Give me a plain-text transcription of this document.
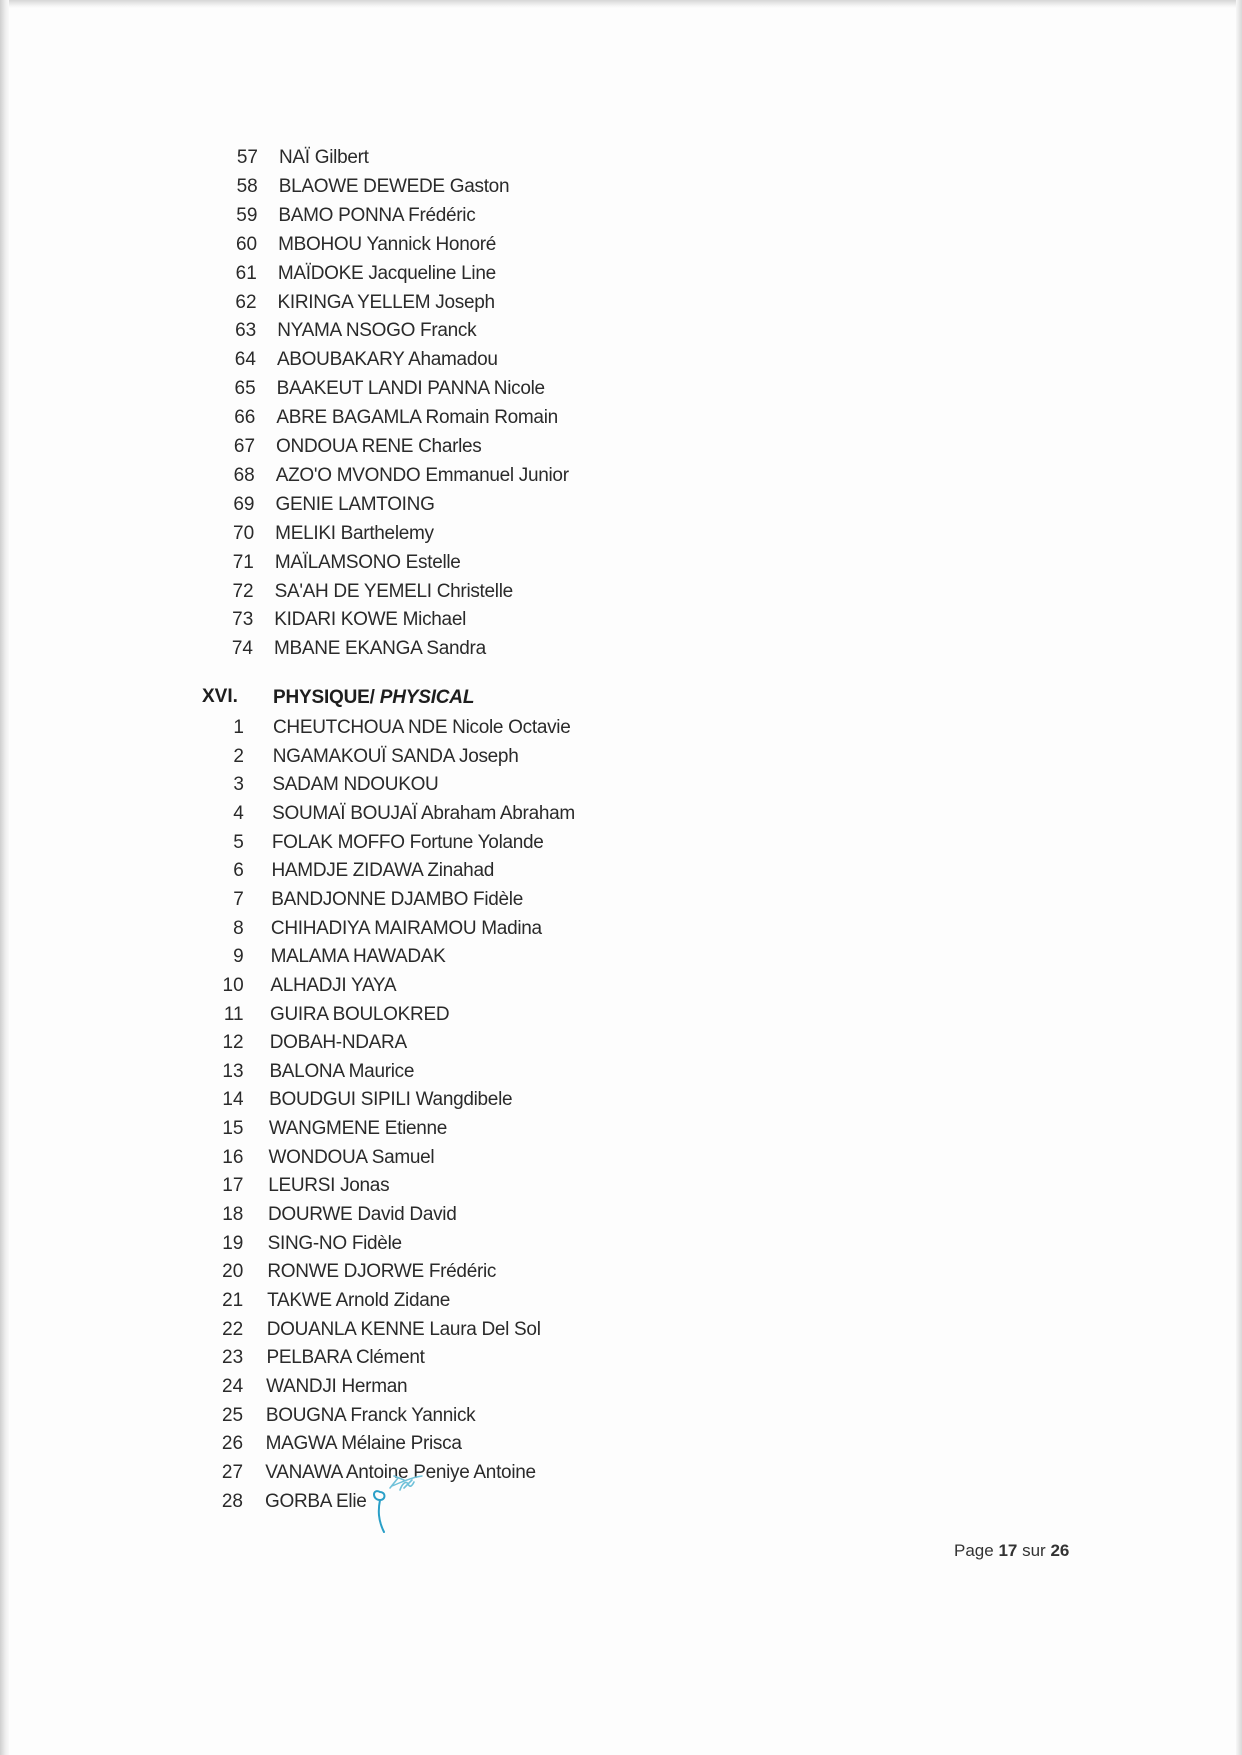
57 NAÏ Gilbert
58 BLAOWE DEWEDE Gaston
59 BAMO PONNA Frédéric
60 MBOHOU Yannick Honoré
61 MAÏDOKE Jacqueline Line
62 KIRINGA YELLEM Joseph
63 NYAMA NSOGO Franck
64 ABOUBAKARY Ahamadou
65 BAAKEUT LANDI PANNA Nicole
66 ABRE BAGAMLA Romain Romain
67 ONDOUA RENE Charles
68 AZO'O MVONDO Emmanuel Junior
69 GENIE LAMTOING
70 MELIKI Barthelemy
71 MAÏLAMSONO Estelle
72 SA'AH DE YEMELI Christelle
73 KIDARI KOWE Michael
74 MBANE EKANGA Sandra
XVI. PHYSIQUE/ PHYSICAL
1 CHEUTCHOUA NDE Nicole Octavie
2 NGAMAKOUÏ SANDA Joseph
3 SADAM NDOUKOU
4 SOUMAÏ BOUJAÏ Abraham Abraham
5 FOLAK MOFFO Fortune Yolande
6 HAMDJE ZIDAWA Zinahad
7 BANDJONNE DJAMBO Fidèle
8 CHIHADIYA MAIRAMOU Madina
9 MALAMA HAWADAK
10 ALHADJI YAYA
11 GUIRA BOULOKRED
12 DOBAH-NDARA
13 BALONA Maurice
14 BOUDGUI SIPILI Wangdibele
15 WANGMENE Etienne
16 WONDOUA Samuel
17 LEURSI Jonas
18 DOURWE David David
19 SING-NO Fidèle
20 RONWE DJORWE Frédéric
21 TAKWE Arnold Zidane
22 DOUANLA KENNE Laura Del Sol
23 PELBARA Clément
24 WANDJI Herman
25 BOUGNA Franck Yannick
26 MAGWA Mélaine Prisca
27 VANAWA Antoine Peniye Antoine
28 GORBA Elie
Page 17 sur 26
